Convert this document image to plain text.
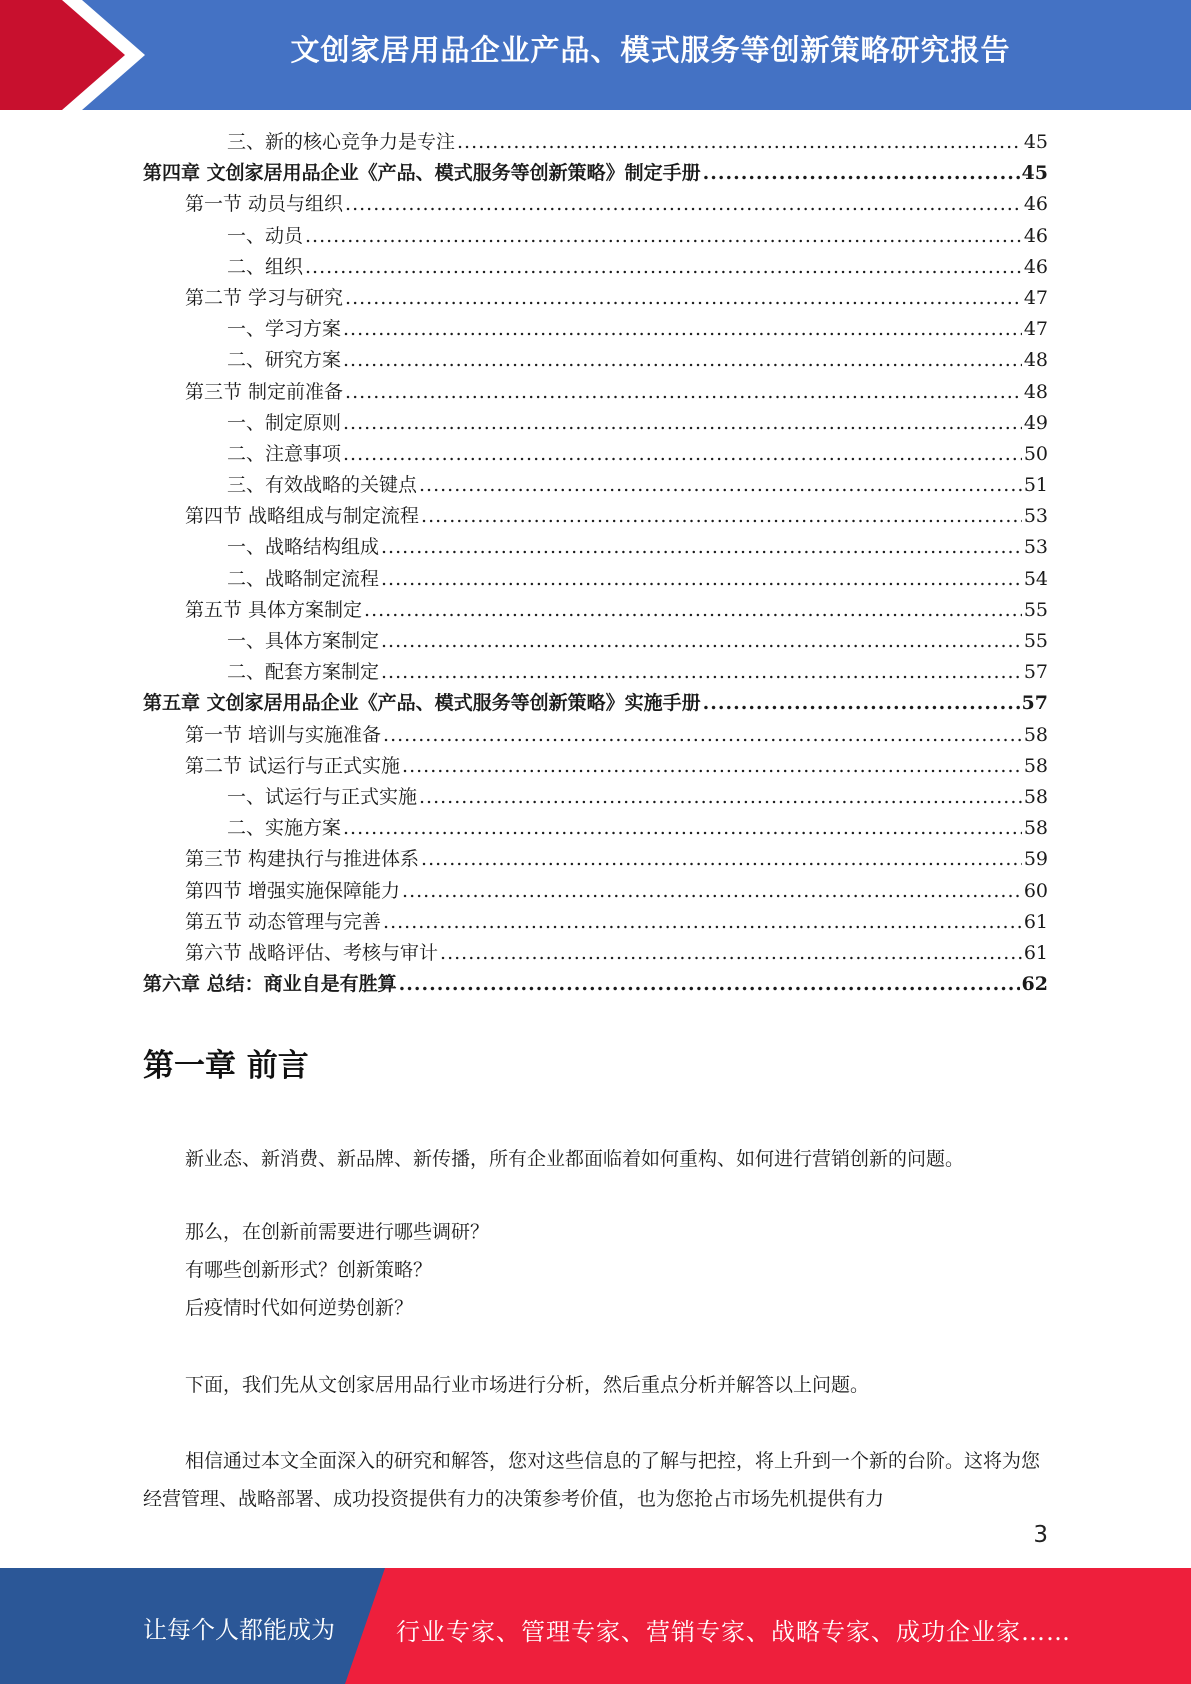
文创家居用品企业产品、模式服务等创新策略研究报告
三、新的核心竞争力是专注 .....	45
第四章 文创家居用品企业《产品、模式服务等创新策略》制定手册 .....	45
第一节 动员与组织 .....	46
一、动员 .....	46
二、组织 .....	46
第二节 学习与研究 .....	47
一、学习方案 .....	47
二、研究方案 .....	48
第三节 制定前准备 .....	48
一、制定原则 .....	49
二、注意事项 .....	50
三、有效战略的关键点 .....	51
第四节 战略组成与制定流程 .....	53
一、战略结构组成 .....	53
二、战略制定流程 .....	54
第五节 具体方案制定 .....	55
一、具体方案制定 .....	55
二、配套方案制定 .....	57
第五章 文创家居用品企业《产品、模式服务等创新策略》实施手册 .....	57
第一节 培训与实施准备 .....	58
第二节 试运行与正式实施 .....	58
一、试运行与正式实施 .....	58
二、实施方案 .....	58
第三节 构建执行与推进体系 .....	59
第四节 增强实施保障能力 .....	60
第五节 动态管理与完善 .....	61
第六节 战略评估、考核与审计 .....	61
第六章 总结：商业自是有胜算 .....	62
第一章 前言
新业态、新消费、新品牌、新传播，所有企业都面临着如何重构、如何进行营销创新的问题。
那么，在创新前需要进行哪些调研？
有哪些创新形式？创新策略？
后疫情时代如何逆势创新？
下面，我们先从文创家居用品行业市场进行分析，然后重点分析并解答以上问题。
相信通过本文全面深入的研究和解答，您对这些信息的了解与把控，将上升到一个新的台阶。这将为您经营管理、战略部署、成功投资提供有力的决策参考价值，也为您抢占市场先机提供有力
3
让每个人都能成为	行业专家、管理专家、营销专家、战略专家、成功企业家……
